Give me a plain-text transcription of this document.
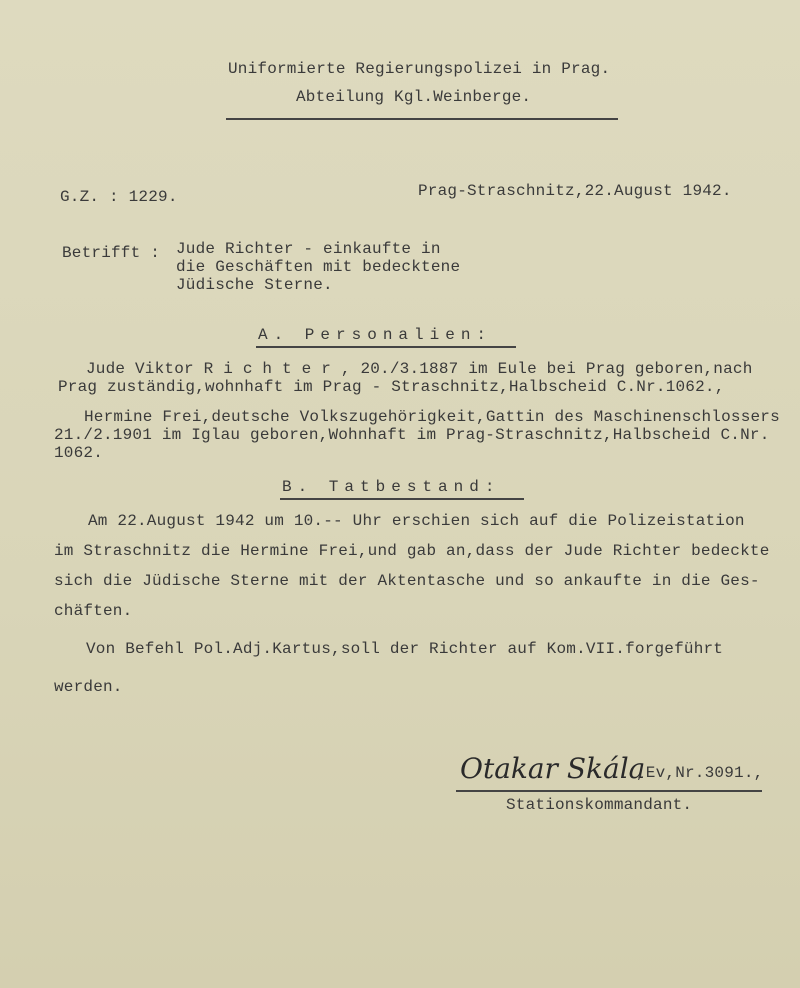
Uniformierte Regierungspolizei in Prag.
Abteilung Kgl.Weinberge.
G.Z. : 1229.	Prag-Straschnitz,22.August 1942.
Betrifft : Jude Richter - einkaufte in
die Geschäften mit bedecktene
Jüdische Sterne.
A. Personalien:
Jude Viktor R i c h t e r , 20./3.1887 im Eule bei Prag geboren,nach
Prag zuständig,wohnhaft im Prag - Straschnitz,Halbscheid C.Nr.1062.,
Hermine Frei,deutsche Volkszugehörigkeit,Gattin des Maschinenschlossers
21./2.1901 im Iglau geboren,Wohnhaft im Prag-Straschnitz,Halbscheid C.Nr.
1062.
B. Tatbestand:
Am 22.August 1942 um 10.-- Uhr erschien sich auf die Polizeistation
im Straschnitz die Hermine Frei,und gab an,dass der Jude Richter bedeckte
sich die Jüdische Sterne mit der Aktentasche und so ankaufte in die Ges-
chäften.
Von Befehl Pol.Adj.Kartus,soll der Richter auf Kom.VII.forgeführt
werden.
Otakar Skála
,Ev,Nr.3091.,
Stationskommandant.
